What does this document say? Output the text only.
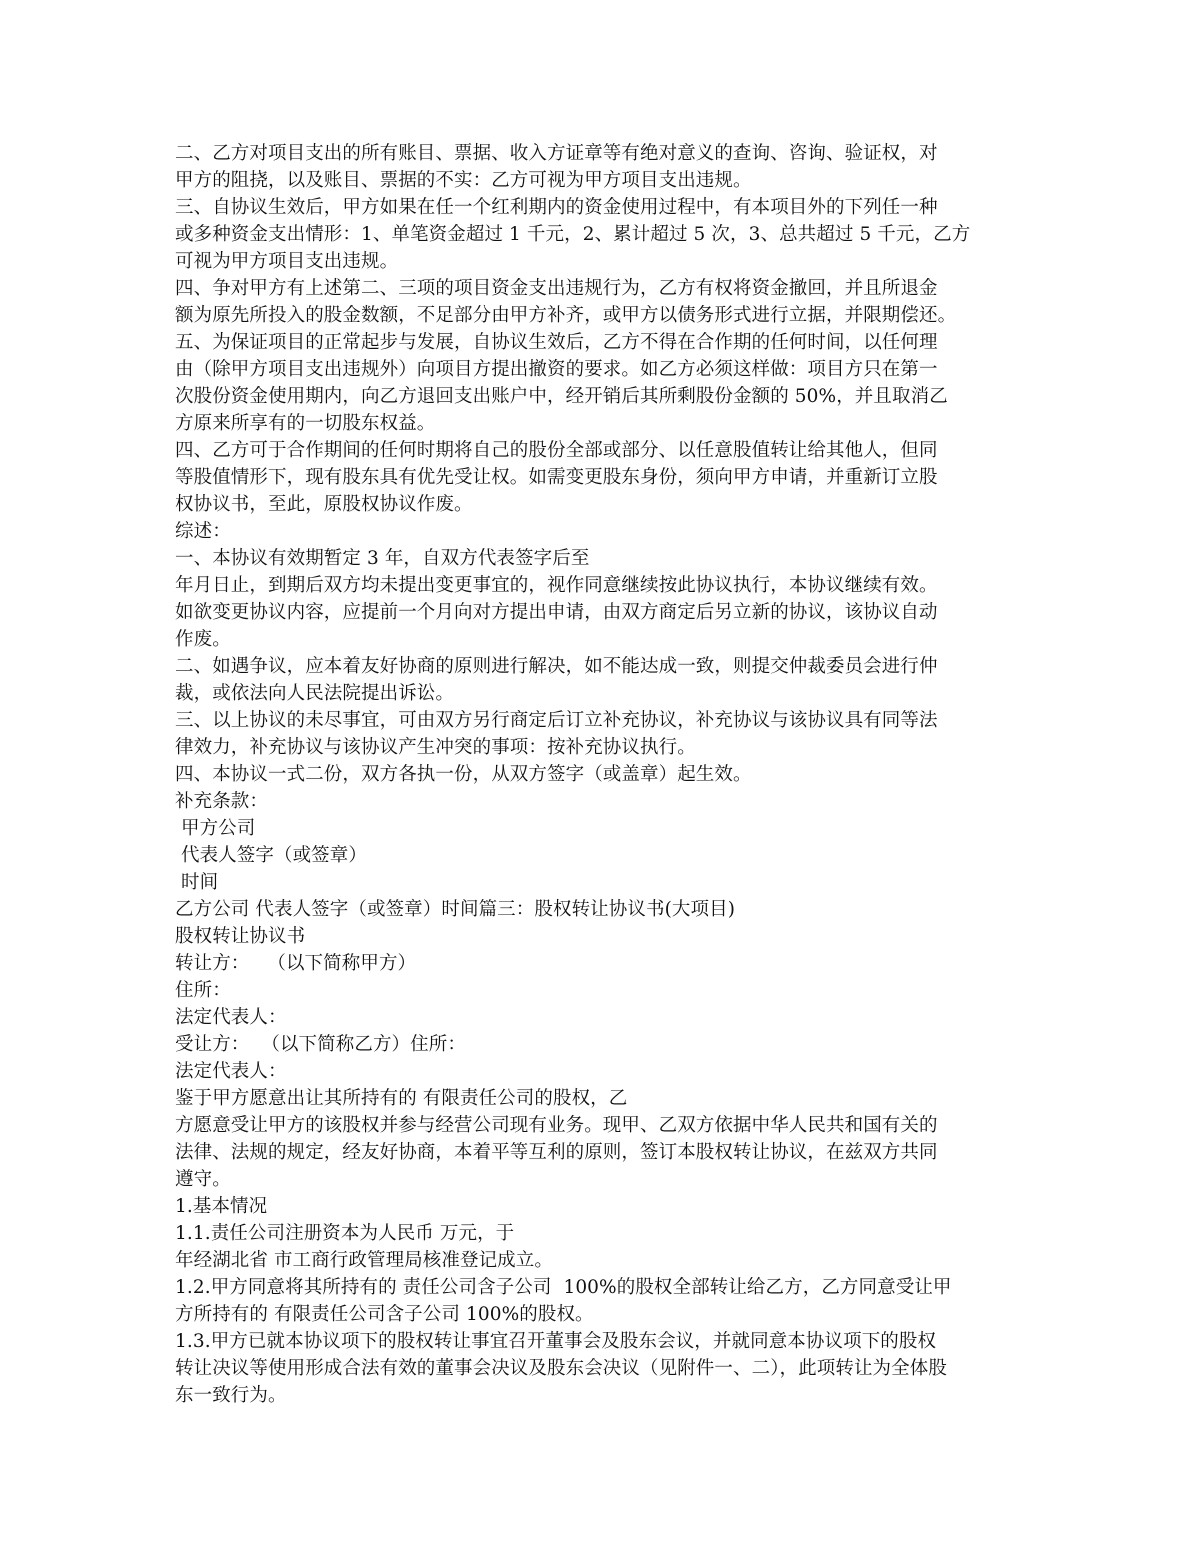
二、乙方对项目支出的所有账目、票据、收入方证章等有绝对意义的查询、咨询、验证权，对

甲方的阻挠，以及账目、票据的不实：乙方可视为甲方项目支出违规。

三、自协议生效后，甲方如果在任一个红利期内的资金使用过程中，有本项目外的下列任一种

或多种资金支出情形：1、单笔资金超过 1 千元，2、累计超过 5 次，3、总共超过 5 千元，乙方

可视为甲方项目支出违规。

四、争对甲方有上述第二、三项的项目资金支出违规行为，乙方有权将资金撤回，并且所退金

额为原先所投入的股金数额，不足部分由甲方补齐，或甲方以债务形式进行立据，并限期偿还。

五、为保证项目的正常起步与发展，自协议生效后，乙方不得在合作期的任何时间，以任何理

由（除甲方项目支出违规外）向项目方提出撤资的要求。如乙方必须这样做：项目方只在第一

次股份资金使用期内，向乙方退回支出账户中，经开销后其所剩股份金额的 50%，并且取消乙

方原来所享有的一切股东权益。

四、乙方可于合作期间的任何时期将自己的股份全部或部分、以任意股值转让给其他人，但同

等股值情形下，现有股东具有优先受让权。如需变更股东身份，须向甲方申请，并重新订立股

权协议书，至此，原股权协议作废。

综述：

一、本协议有效期暂定 3 年，自双方代表签字后至

年月日止，到期后双方均未提出变更事宜的，视作同意继续按此协议执行，本协议继续有效。

如欲变更协议内容，应提前一个月向对方提出申请，由双方商定后另立新的协议，该协议自动

作废。

二、如遇争议，应本着友好协商的原则进行解决，如不能达成一致，则提交仲裁委员会进行仲

裁，或依法向人民法院提出诉讼。

三、以上协议的未尽事宜，可由双方另行商定后订立补充协议，补充协议与该协议具有同等法

律效力，补充协议与该协议产生冲突的事项：按补充协议执行。

四、本协议一式二份，双方各执一份，从双方签字（或盖章）起生效。

补充条款：

甲方公司

代表人签字（或签章）

时间

乙方公司 代表人签字（或签章）时间篇三：股权转让协议书(大项目)

股权转让协议书

转让方：   （以下简称甲方）

住所：

法定代表人：

受让方：  （以下简称乙方）住所：

法定代表人：

鉴于甲方愿意出让其所持有的 有限责任公司的股权，乙

方愿意受让甲方的该股权并参与经营公司现有业务。现甲、乙双方依据中华人民共和国有关的

法律、法规的规定，经友好协商，本着平等互利的原则，签订本股权转让协议，在兹双方共同

遵守。

1.基本情况

1.1.责任公司注册资本为人民币 万元，于

年经湖北省 市工商行政管理局核准登记成立。

1.2.甲方同意将其所持有的 责任公司含子公司  100%的股权全部转让给乙方，乙方同意受让甲

方所持有的 有限责任公司含子公司 100%的股权。

1.3.甲方已就本协议项下的股权转让事宜召开董事会及股东会议，并就同意本协议项下的股权

转让决议等使用形成合法有效的董事会决议及股东会决议（见附件一、二），此项转让为全体股

东一致行为。
